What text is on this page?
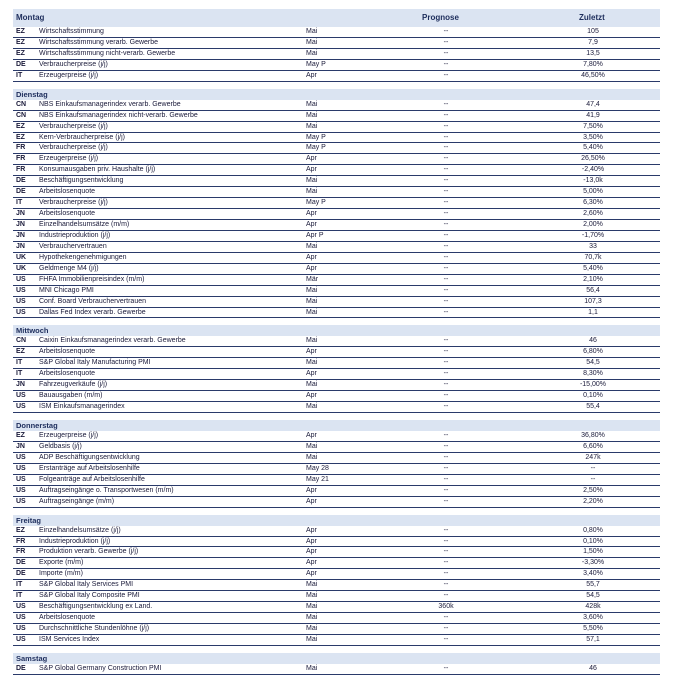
Montag	Prognose	Zuletzt
EZ Wirtschaftsstimmung	Mai	--	105
EZ Wirtschaftsstimmung verarb. Gewerbe	Mai	--	7,9
EZ Wirtschaftsstimmung nicht-verarb. Gewerbe	Mai	--	13,5
DE Verbraucherpreise (j/j)	May P	--	7,80%
IT Erzeugerpreise (j/j)	Apr	--	46,50%
Dienstag
CN NBS Einkaufsmanagerindex verarb. Gewerbe	Mai	--	47,4
CN NBS Einkaufsmanagerindex nicht-verarb. Gewerbe	Mai	--	41,9
EZ Verbraucherpreise (j/j)	Mai	--	7,50%
EZ Kern-Verbraucherpreise (j/j)	May P	--	3,50%
FR Verbraucherpreise (j/j)	May P	--	5,40%
FR Erzeugerpreise (j/j)	Apr	--	26,50%
FR Konsumausgaben priv. Haushalte (j/j)	Apr	--	-2,40%
DE Beschäftigungsentwicklung	Mai	--	-13,0k
DE Arbeitslosenquote	Mai	--	5,00%
IT Verbraucherpreise (j/j)	May P	--	6,30%
JN Arbeitslosenquote	Apr	--	2,60%
JN Einzelhandelsumsätze (m/m)	Apr	--	2,00%
JN Industrieproduktion (j/j)	Apr P	--	-1,70%
JN Verbrauchervertrauen	Mai	--	33
UK Hypothekengenehmigungen	Apr	--	70,7k
UK Geldmenge M4 (j/j)	Apr	--	5,40%
US FHFA Immobilienpreisindex (m/m)	Mär	--	2,10%
US MNI Chicago PMI	Mai	--	56,4
US Conf. Board Verbrauchervertrauen	Mai	--	107,3
US Dallas Fed Index verarb. Gewerbe	Mai	--	1,1
Mittwoch
CN Caixin Einkaufsmanagerindex verarb. Gewerbe	Mai	--	46
EZ Arbeitslosenquote	Apr	--	6,80%
IT S&P Global Italy Manufacturing PMI	Mai	--	54,5
IT Arbeitslosenquote	Apr	--	8,30%
JN Fahrzeugverkäufe (j/j)	Mai	--	-15,00%
US Bauausgaben (m/m)	Apr	--	0,10%
US ISM Einkaufsmanagerindex	Mai	--	55,4
Donnerstag
EZ Erzeugerpreise (j/j)	Apr	--	36,80%
JN Geldbasis (j/j)	Mai	--	6,60%
US ADP Beschäftigungsentwicklung	Mai	--	247k
US Erstanträge auf Arbeitslosenhilfe	May 28	--	--
US Folgeanträge auf Arbeitslosenhilfe	May 21	--	--
US Auftragseingänge o. Transportwesen (m/m)	Apr	--	2,50%
US Auftragseingänge (m/m)	Apr	--	2,20%
Freitag
EZ Einzelhandelsumsätze (j/j)	Apr	--	0,80%
FR Industrieproduktion (j/j)	Apr	--	0,10%
FR Produktion verarb. Gewerbe (j/j)	Apr	--	1,50%
DE Exporte (m/m)	Apr	--	-3,30%
DE Importe (m/m)	Apr	--	3,40%
IT S&P Global Italy Services PMI	Mai	--	55,7
IT S&P Global Italy Composite PMI	Mai	--	54,5
US Beschäftigungsentwicklung ex Land.	Mai	360k	428k
US Arbeitslosenquote	Mai	--	3,60%
US Durchschnittliche Stundenlöhne (j/j)	Mai	--	5,50%
US ISM Services Index	Mai	--	57,1
Samstag
DE S&P Global Germany Construction PMI	Mai	--	46
